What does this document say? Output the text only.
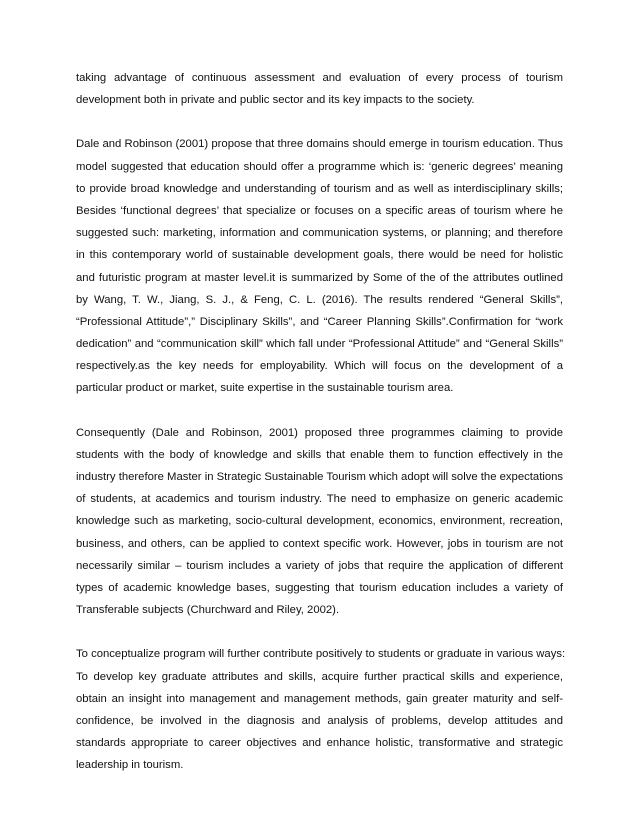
taking advantage of continuous assessment and evaluation of every process of tourism
development both in private and public sector and its key impacts to the society.
Dale and Robinson (2001) propose that three domains should emerge in tourism education. Thus
model suggested that education should offer a programme which is: ‘generic degrees’ meaning
to provide broad knowledge and understanding of tourism and as well as interdisciplinary skills;
Besides ‘functional degrees’ that specialize or focuses on a specific areas of tourism where he
suggested such: marketing, information and communication systems, or planning; and therefore
in this contemporary world of sustainable development goals, there would be need for holistic
and futuristic program at master level.it is summarized by Some of the of the attributes outlined
by Wang, T. W., Jiang, S. J., & Feng, C. L. (2016). The results rendered “General Skills”,
“Professional Attitude”,” Disciplinary Skills”, and “Career Planning Skills”.Confirmation for “work
dedication” and “communication skill” which fall under “Professional Attitude” and “General Skills”
respectively.as the key needs for employability. Which will focus on the development of a
particular product or market, suite expertise in the sustainable tourism area.
Consequently (Dale and Robinson, 2001) proposed three programmes claiming to provide
students with the body of knowledge and skills that enable them to function effectively in the
industry therefore Master in Strategic Sustainable Tourism which adopt will solve the expectations
of students, at academics and tourism industry. The need to emphasize on generic academic
knowledge such as marketing, socio-cultural development, economics, environment, recreation,
business, and others, can be applied to context specific work. However, jobs in tourism are not
necessarily similar – tourism includes a variety of jobs that require the application of different
types of academic knowledge bases, suggesting that tourism education includes a variety of
Transferable subjects (Churchward and Riley, 2002).
To conceptualize program will further contribute positively to students or graduate in various ways:
To develop key graduate attributes and skills, acquire further practical skills and experience,
obtain an insight into management and management methods, gain greater maturity and self-
confidence, be involved in the diagnosis and analysis of problems, develop attitudes and
standards appropriate to career objectives and enhance holistic, transformative and strategic
leadership in tourism.
